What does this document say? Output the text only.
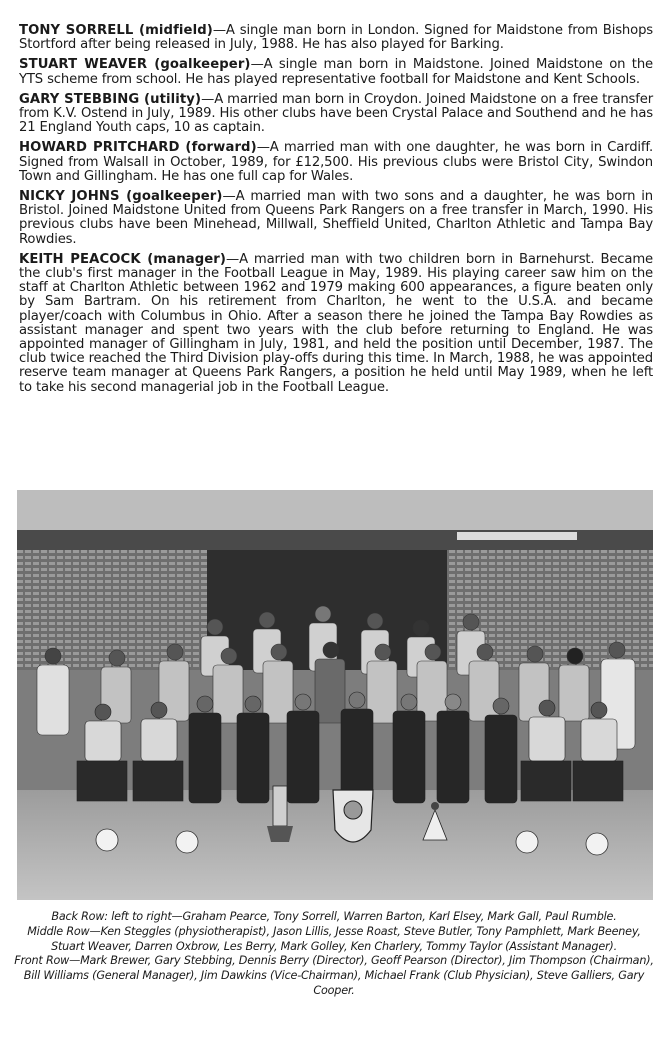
TONY SORRELL (midfield)—A single man born in London. Signed for Maidstone from Bishops Stortford after being released in July, 1988. He has also played for Barking.

STUART WEAVER (goalkeeper)—A single man born in Maidstone. Joined Maidstone on the YTS scheme from school. He has played representative football for Maidstone and Kent Schools.

GARY STEBBING (utility)—A married man born in Croydon. Joined Maidstone on a free transfer from K.V. Ostend in July, 1989. His other clubs have been Crystal Palace and Southend and he has 21 England Youth caps, 10 as captain.

HOWARD PRITCHARD (forward)—A married man with one daughter, he was born in Cardiff. Signed from Walsall in October, 1989, for £12,500. His previous clubs were Bristol City, Swindon Town and Gillingham. He has one full cap for Wales.

NICKY JOHNS (goalkeeper)—A married man with two sons and a daughter, he was born in Bristol. Joined Maidstone United from Queens Park Rangers on a free transfer in March, 1990. His previous clubs have been Minehead, Millwall, Sheffield United, Charlton Athletic and Tampa Bay Rowdies.

KEITH PEACOCK (manager)—A married man with two children born in Barnehurst. Became the club's first manager in the Football League in May, 1989. His playing career saw him on the staff at Charlton Athletic between 1962 and 1979 making 600 appearances, a figure beaten only by Sam Bartram. On his retirement from Charlton, he went to the U.S.A. and became player/coach with Columbus in Ohio. After a season there he joined the Tampa Bay Rowdies as assistant manager and spent two years with the club before returning to England. He was appointed manager of Gillingham in July, 1981, and held the position until December, 1987. The club twice reached the Third Division play-offs during this time. In March, 1988, he was appointed reserve team manager at Queens Park Rangers, a position he held until May 1989, when he left to take his second managerial job in the Football League.

Back Row: left to right—Graham Pearce, Tony Sorrell, Warren Barton, Karl Elsey, Mark Gall, Paul Rumble.

Middle Row—Ken Steggles (physiotherapist), Jason Lillis, Jesse Roast, Steve Butler, Tony Pamphlett, Mark Beeney, Stuart Weaver, Darren Oxbrow, Les Berry, Mark Golley, Ken Charlery, Tommy Taylor (Assistant Manager).

Front Row—Mark Brewer, Gary Stebbing, Dennis Berry (Director), Geoff Pearson (Director), Jim Thompson (Chairman), Bill Williams (General Manager), Jim Dawkins (Vice-Chairman), Michael Frank (Club Physician), Steve Galliers, Gary Cooper.
